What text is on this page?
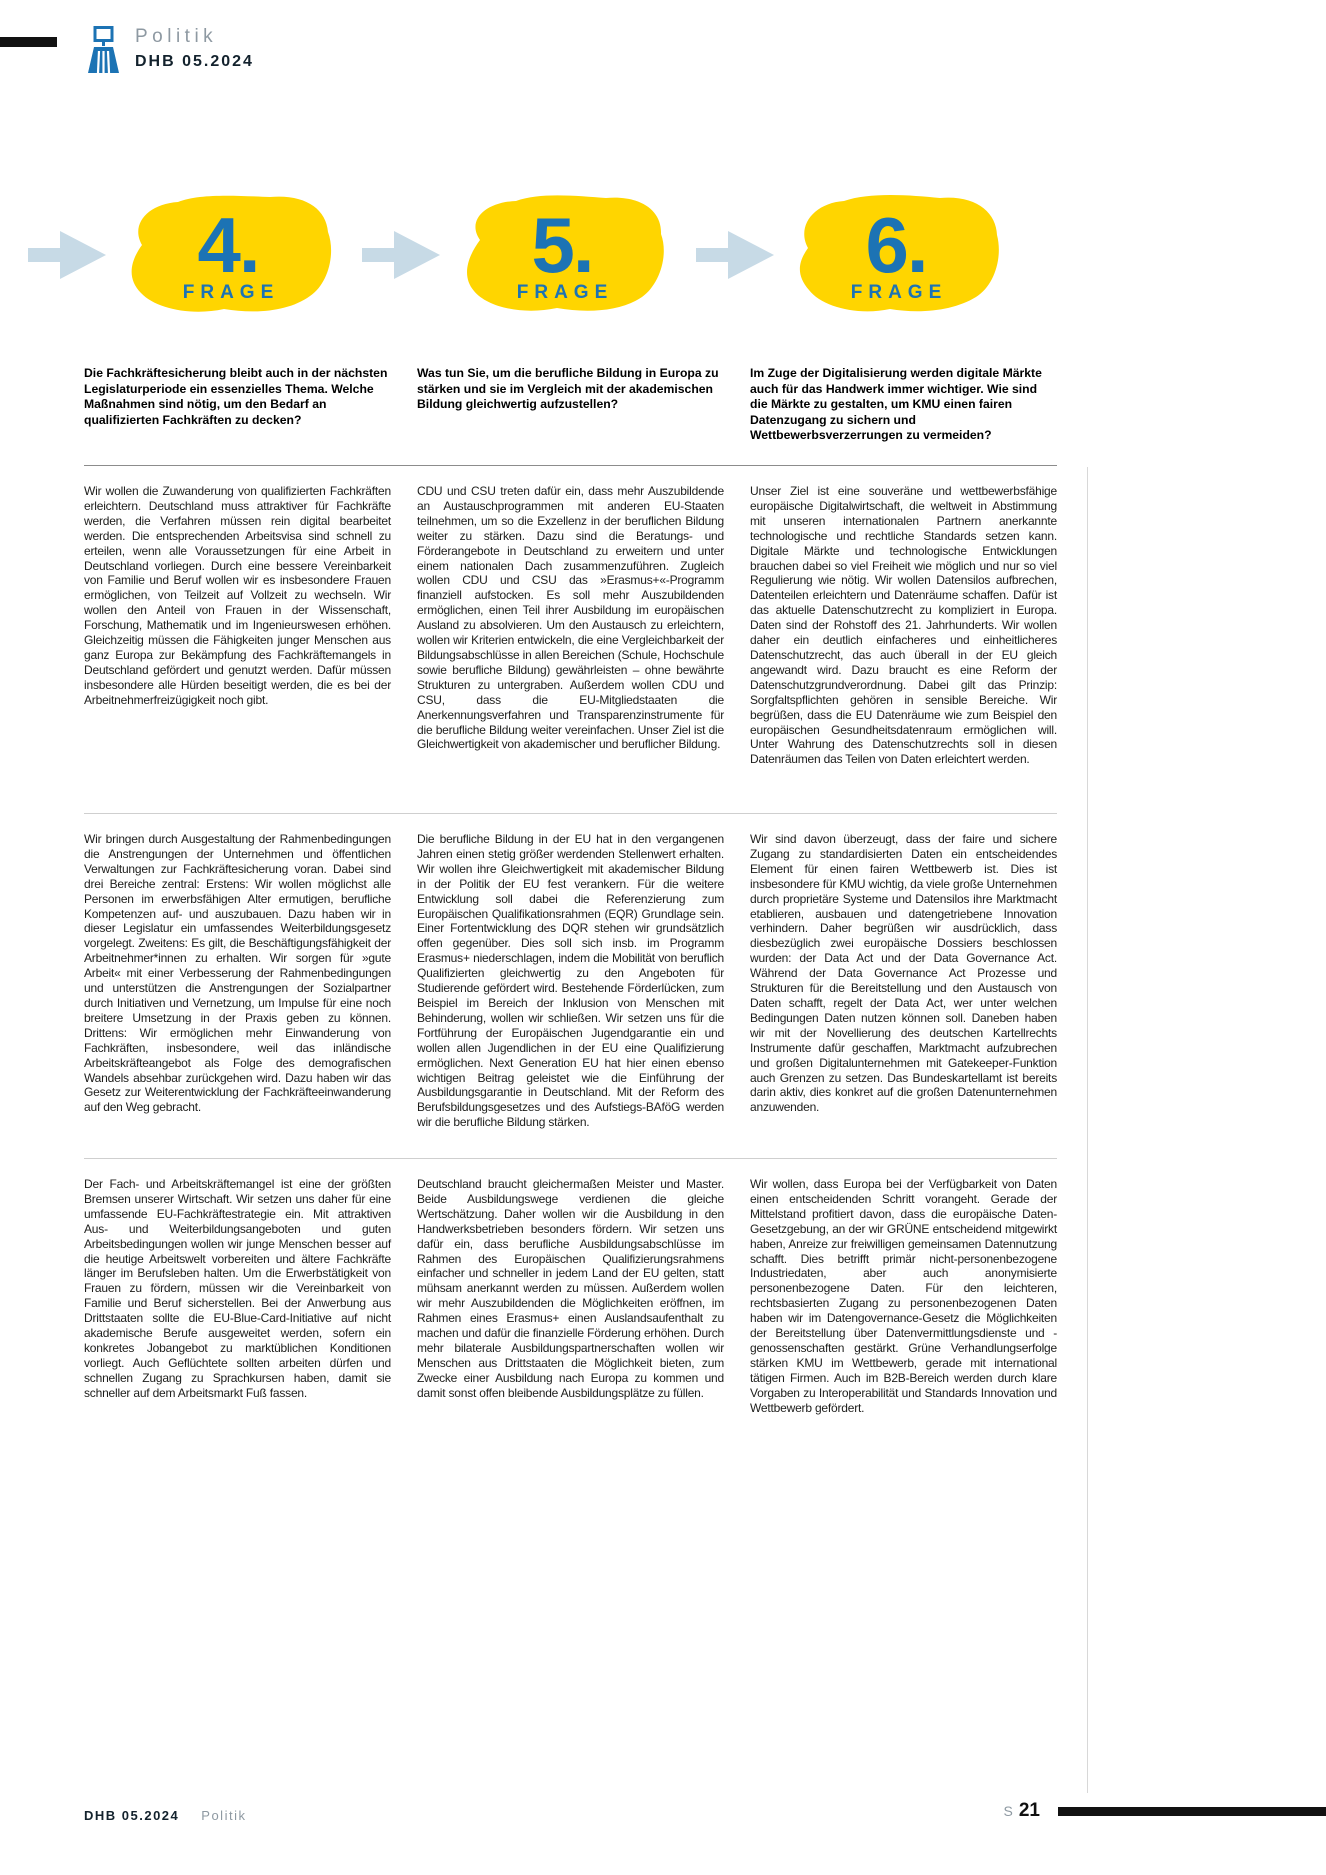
Politik
DHB 05.2024
4.
FRAGE
5.
FRAGE
6.
FRAGE
Die Fachkräftesicherung bleibt auch in der nächsten Legislaturperiode ein essenzielles Thema. Welche Maßnahmen sind nötig, um den Bedarf an qualifizierten Fachkräften zu decken?
Was tun Sie, um die berufliche Bildung in Europa zu stärken und sie im Vergleich mit der akademischen Bildung gleichwertig aufzustellen?
Im Zuge der Digitalisierung werden digitale Märkte auch für das Handwerk immer wichtiger. Wie sind die Märkte zu gestalten, um KMU einen fairen Datenzugang zu sichern und Wettbewerbsverzerrungen zu vermeiden?
Wir wollen die Zuwanderung von qualifizierten Fachkräften erleichtern. Deutschland muss attraktiver für Fachkräfte werden, die Verfahren müssen rein digital bearbeitet werden. Die entsprechenden Arbeitsvisa sind schnell zu erteilen, wenn alle Voraussetzungen für eine Arbeit in Deutschland vorliegen. Durch eine bessere Vereinbarkeit von Familie und Beruf wollen wir es insbesondere Frauen ermöglichen, von Teilzeit auf Vollzeit zu wechseln. Wir wollen den Anteil von Frauen in der Wissenschaft, Forschung, Mathematik und im Ingenieurswesen erhöhen. Gleichzeitig müssen die Fähigkeiten junger Menschen aus ganz Europa zur Bekämpfung des Fachkräftemangels in Deutschland gefördert und genutzt werden. Dafür müssen insbesondere alle Hürden beseitigt werden, die es bei der Arbeitnehmerfreizügigkeit noch gibt.
CDU und CSU treten dafür ein, dass mehr Auszubildende an Austauschprogrammen mit anderen EU-Staaten teilnehmen, um so die Exzellenz in der beruflichen Bildung weiter zu stärken. Dazu sind die Beratungs- und Förderangebote in Deutschland zu erweitern und unter einem nationalen Dach zusammenzuführen. Zugleich wollen CDU und CSU das »Erasmus+«-Programm finanziell aufstocken. Es soll mehr Auszubildenden ermöglichen, einen Teil ihrer Ausbildung im europäischen Ausland zu absolvieren. Um den Austausch zu erleichtern, wollen wir Kriterien entwickeln, die eine Vergleichbarkeit der Bildungsabschlüsse in allen Bereichen (Schule, Hochschule sowie berufliche Bildung) gewährleisten – ohne bewährte Strukturen zu untergraben. Außerdem wollen CDU und CSU, dass die EU-Mitgliedstaaten die Anerkennungsverfahren und Transparenzinstrumente für die berufliche Bildung weiter vereinfachen. Unser Ziel ist die Gleichwertigkeit von akademischer und beruflicher Bildung.
Unser Ziel ist eine souveräne und wettbewerbsfähige europäische Digitalwirtschaft, die weltweit in Abstimmung mit unseren internationalen Partnern anerkannte technologische und rechtliche Standards setzen kann. Digitale Märkte und technologische Entwicklungen brauchen dabei so viel Freiheit wie möglich und nur so viel Regulierung wie nötig. Wir wollen Datensilos aufbrechen, Datenteilen erleichtern und Datenräume schaffen. Dafür ist das aktuelle Datenschutzrecht zu kompliziert in Europa. Daten sind der Rohstoff des 21. Jahrhunderts. Wir wollen daher ein deutlich einfacheres und einheitlicheres Datenschutzrecht, das auch überall in der EU gleich angewandt wird. Dazu braucht es eine Reform der Datenschutzgrundverordnung. Dabei gilt das Prinzip: Sorgfaltspflichten gehören in sensible Bereiche. Wir begrüßen, dass die EU Datenräume wie zum Beispiel den europäischen Gesundheitsdatenraum ermöglichen will. Unter Wahrung des Datenschutzrechts soll in diesen Datenräumen das Teilen von Daten erleichtert werden.
Wir bringen durch Ausgestaltung der Rahmenbedingungen die Anstrengungen der Unternehmen und öffentlichen Verwaltungen zur Fachkräftesicherung voran. Dabei sind drei Bereiche zentral: Erstens: Wir wollen möglichst alle Personen im erwerbsfähigen Alter ermutigen, berufliche Kompetenzen auf- und auszubauen. Dazu haben wir in dieser Legislatur ein umfassendes Weiterbildungsgesetz vorgelegt. Zweitens: Es gilt, die Beschäftigungsfähigkeit der Arbeitnehmer*innen zu erhalten. Wir sorgen für »gute Arbeit« mit einer Verbesserung der Rahmenbedingungen und unterstützen die Anstrengungen der Sozialpartner durch Initiativen und Vernetzung, um Impulse für eine noch breitere Umsetzung in der Praxis geben zu können. Drittens: Wir ermöglichen mehr Einwanderung von Fachkräften, insbesondere, weil das inländische Arbeitskräfteangebot als Folge des demografischen Wandels absehbar zurückgehen wird. Dazu haben wir das Gesetz zur Weiterentwicklung der Fachkräfteeinwanderung auf den Weg gebracht.
Die berufliche Bildung in der EU hat in den vergangenen Jahren einen stetig größer werdenden Stellenwert erhalten. Wir wollen ihre Gleichwertigkeit mit akademischer Bildung in der Politik der EU fest verankern. Für die weitere Entwicklung soll dabei die Referenzierung zum Europäischen Qualifikationsrahmen (EQR) Grundlage sein. Einer Fortentwicklung des DQR stehen wir grundsätzlich offen gegenüber. Dies soll sich insb. im Programm Erasmus+ niederschlagen, indem die Mobilität von beruflich Qualifizierten gleichwertig zu den Angeboten für Studierende gefördert wird. Bestehende Förderlücken, zum Beispiel im Bereich der Inklusion von Menschen mit Behinderung, wollen wir schließen. Wir setzen uns für die Fortführung der Europäischen Jugendgarantie ein und wollen allen Jugendlichen in der EU eine Qualifizierung ermöglichen. Next Generation EU hat hier einen ebenso wichtigen Beitrag geleistet wie die Einführung der Ausbildungsgarantie in Deutschland. Mit der Reform des Berufsbildungsgesetzes und des Aufstiegs-BAföG werden wir die berufliche Bildung stärken.
Wir sind davon überzeugt, dass der faire und sichere Zugang zu standardisierten Daten ein entscheidendes Element für einen fairen Wettbewerb ist. Dies ist insbesondere für KMU wichtig, da viele große Unternehmen durch proprietäre Systeme und Datensilos ihre Marktmacht etablieren, ausbauen und datengetriebene Innovation verhindern. Daher begrüßen wir ausdrücklich, dass diesbezüglich zwei europäische Dossiers beschlossen wurden: der Data Act und der Data Governance Act. Während der Data Governance Act Prozesse und Strukturen für die Bereitstellung und den Austausch von Daten schafft, regelt der Data Act, wer unter welchen Bedingungen Daten nutzen können soll. Daneben haben wir mit der Novellierung des deutschen Kartellrechts Instrumente dafür geschaffen, Marktmacht aufzubrechen und großen Digitalunternehmen mit Gatekeeper-Funktion auch Grenzen zu setzen. Das Bundeskartellamt ist bereits darin aktiv, dies konkret auf die großen Datenunternehmen anzuwenden.
Der Fach- und Arbeitskräftemangel ist eine der größten Bremsen unserer Wirtschaft. Wir setzen uns daher für eine umfassende EU-Fachkräftestrategie ein. Mit attraktiven Aus- und Weiterbildungsangeboten und guten Arbeitsbedingungen wollen wir junge Menschen besser auf die heutige Arbeitswelt vorbereiten und ältere Fachkräfte länger im Berufsleben halten. Um die Erwerbstätigkeit von Frauen zu fördern, müssen wir die Vereinbarkeit von Familie und Beruf sicherstellen. Bei der Anwerbung aus Drittstaaten sollte die EU-Blue-Card-Initiative auf nicht akademische Berufe ausgeweitet werden, sofern ein konkretes Jobangebot zu marktüblichen Konditionen vorliegt. Auch Geflüchtete sollten arbeiten dürfen und schnellen Zugang zu Sprachkursen haben, damit sie schneller auf dem Arbeitsmarkt Fuß fassen.
Deutschland braucht gleichermaßen Meister und Master. Beide Ausbildungswege verdienen die gleiche Wertschätzung. Daher wollen wir die Ausbildung in den Handwerksbetrieben besonders fördern. Wir setzen uns dafür ein, dass berufliche Ausbildungsabschlüsse im Rahmen des Europäischen Qualifizierungsrahmens einfacher und schneller in jedem Land der EU gelten, statt mühsam anerkannt werden zu müssen. Außerdem wollen wir mehr Auszubildenden die Möglichkeiten eröffnen, im Rahmen eines Erasmus+ einen Auslandsaufenthalt zu machen und dafür die finanzielle Förderung erhöhen. Durch mehr bilaterale Ausbildungspartnerschaften wollen wir Menschen aus Drittstaaten die Möglichkeit bieten, zum Zwecke einer Ausbildung nach Europa zu kommen und damit sonst offen bleibende Ausbildungsplätze zu füllen.
Wir wollen, dass Europa bei der Verfügbarkeit von Daten einen entscheidenden Schritt vorangeht. Gerade der Mittelstand profitiert davon, dass die europäische Daten-Gesetzgebung, an der wir GRÜNE entscheidend mitgewirkt haben, Anreize zur freiwilligen gemeinsamen Datennutzung schafft. Dies betrifft primär nicht-personenbezogene Industriedaten, aber auch anonymisierte personenbezogene Daten. Für den leichteren, rechtsbasierten Zugang zu personenbezogenen Daten haben wir im Datengovernance-Gesetz die Möglichkeiten der Bereitstellung über Datenvermittlungsdienste und -genossenschaften gestärkt. Grüne Verhandlungserfolge stärken KMU im Wettbewerb, gerade mit international tätigen Firmen. Auch im B2B-Bereich werden durch klare Vorgaben zu Interoperabilität und Standards Innovation und Wettbewerb gefördert.
DHB 05.2024 Politik	S 21
